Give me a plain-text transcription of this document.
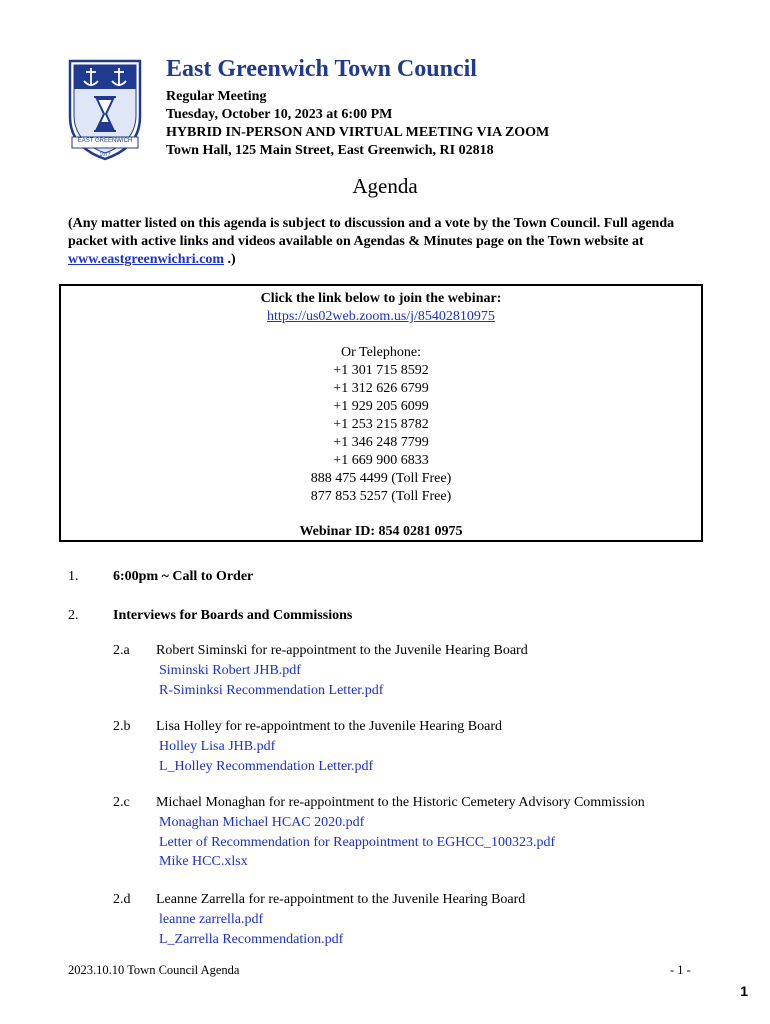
EAST GREENWICH
1677
East Greenwich Town Council
Regular Meeting
Tuesday, October 10, 2023 at 6:00 PM
HYBRID IN-PERSON AND VIRTUAL MEETING VIA ZOOM
Town Hall, 125 Main Street, East Greenwich, RI 02818
Agenda
(Any matter listed on this agenda is subject to discussion and a vote by the Town Council. Full agenda packet with active links and videos available on Agendas & Minutes page on the Town website at www.eastgreenwichri.com .)
Click the link below to join the webinar:
https://us02web.zoom.us/j/85402810975
Or Telephone:
+1 301 715 8592
+1 312 626 6799
+1 929 205 6099
+1 253 215 8782
+1 346 248 7799
+1 669 900 6833
888 475 4499 (Toll Free)
877 853 5257 (Toll Free)
Webinar ID: 854 0281 0975
1. 6:00pm ~ Call to Order
2. Interviews for Boards and Commissions
2.a Robert Siminski for re-appointment to the Juvenile Hearing Board
Siminski Robert JHB.pdf
R-Siminksi Recommendation Letter.pdf
2.b Lisa Holley for re-appointment to the Juvenile Hearing Board
Holley Lisa JHB.pdf
L_Holley Recommendation Letter.pdf
2.c Michael Monaghan for re-appointment to the Historic Cemetery Advisory Commission
Monaghan Michael HCAC 2020.pdf
Letter of Recommendation for Reappointment to EGHCC_100323.pdf
Mike HCC.xlsx
2.d Leanne Zarrella for re-appointment to the Juvenile Hearing Board
leanne zarrella.pdf
L_Zarrella Recommendation.pdf
2023.10.10 Town Council Agenda	- 1 -
1
